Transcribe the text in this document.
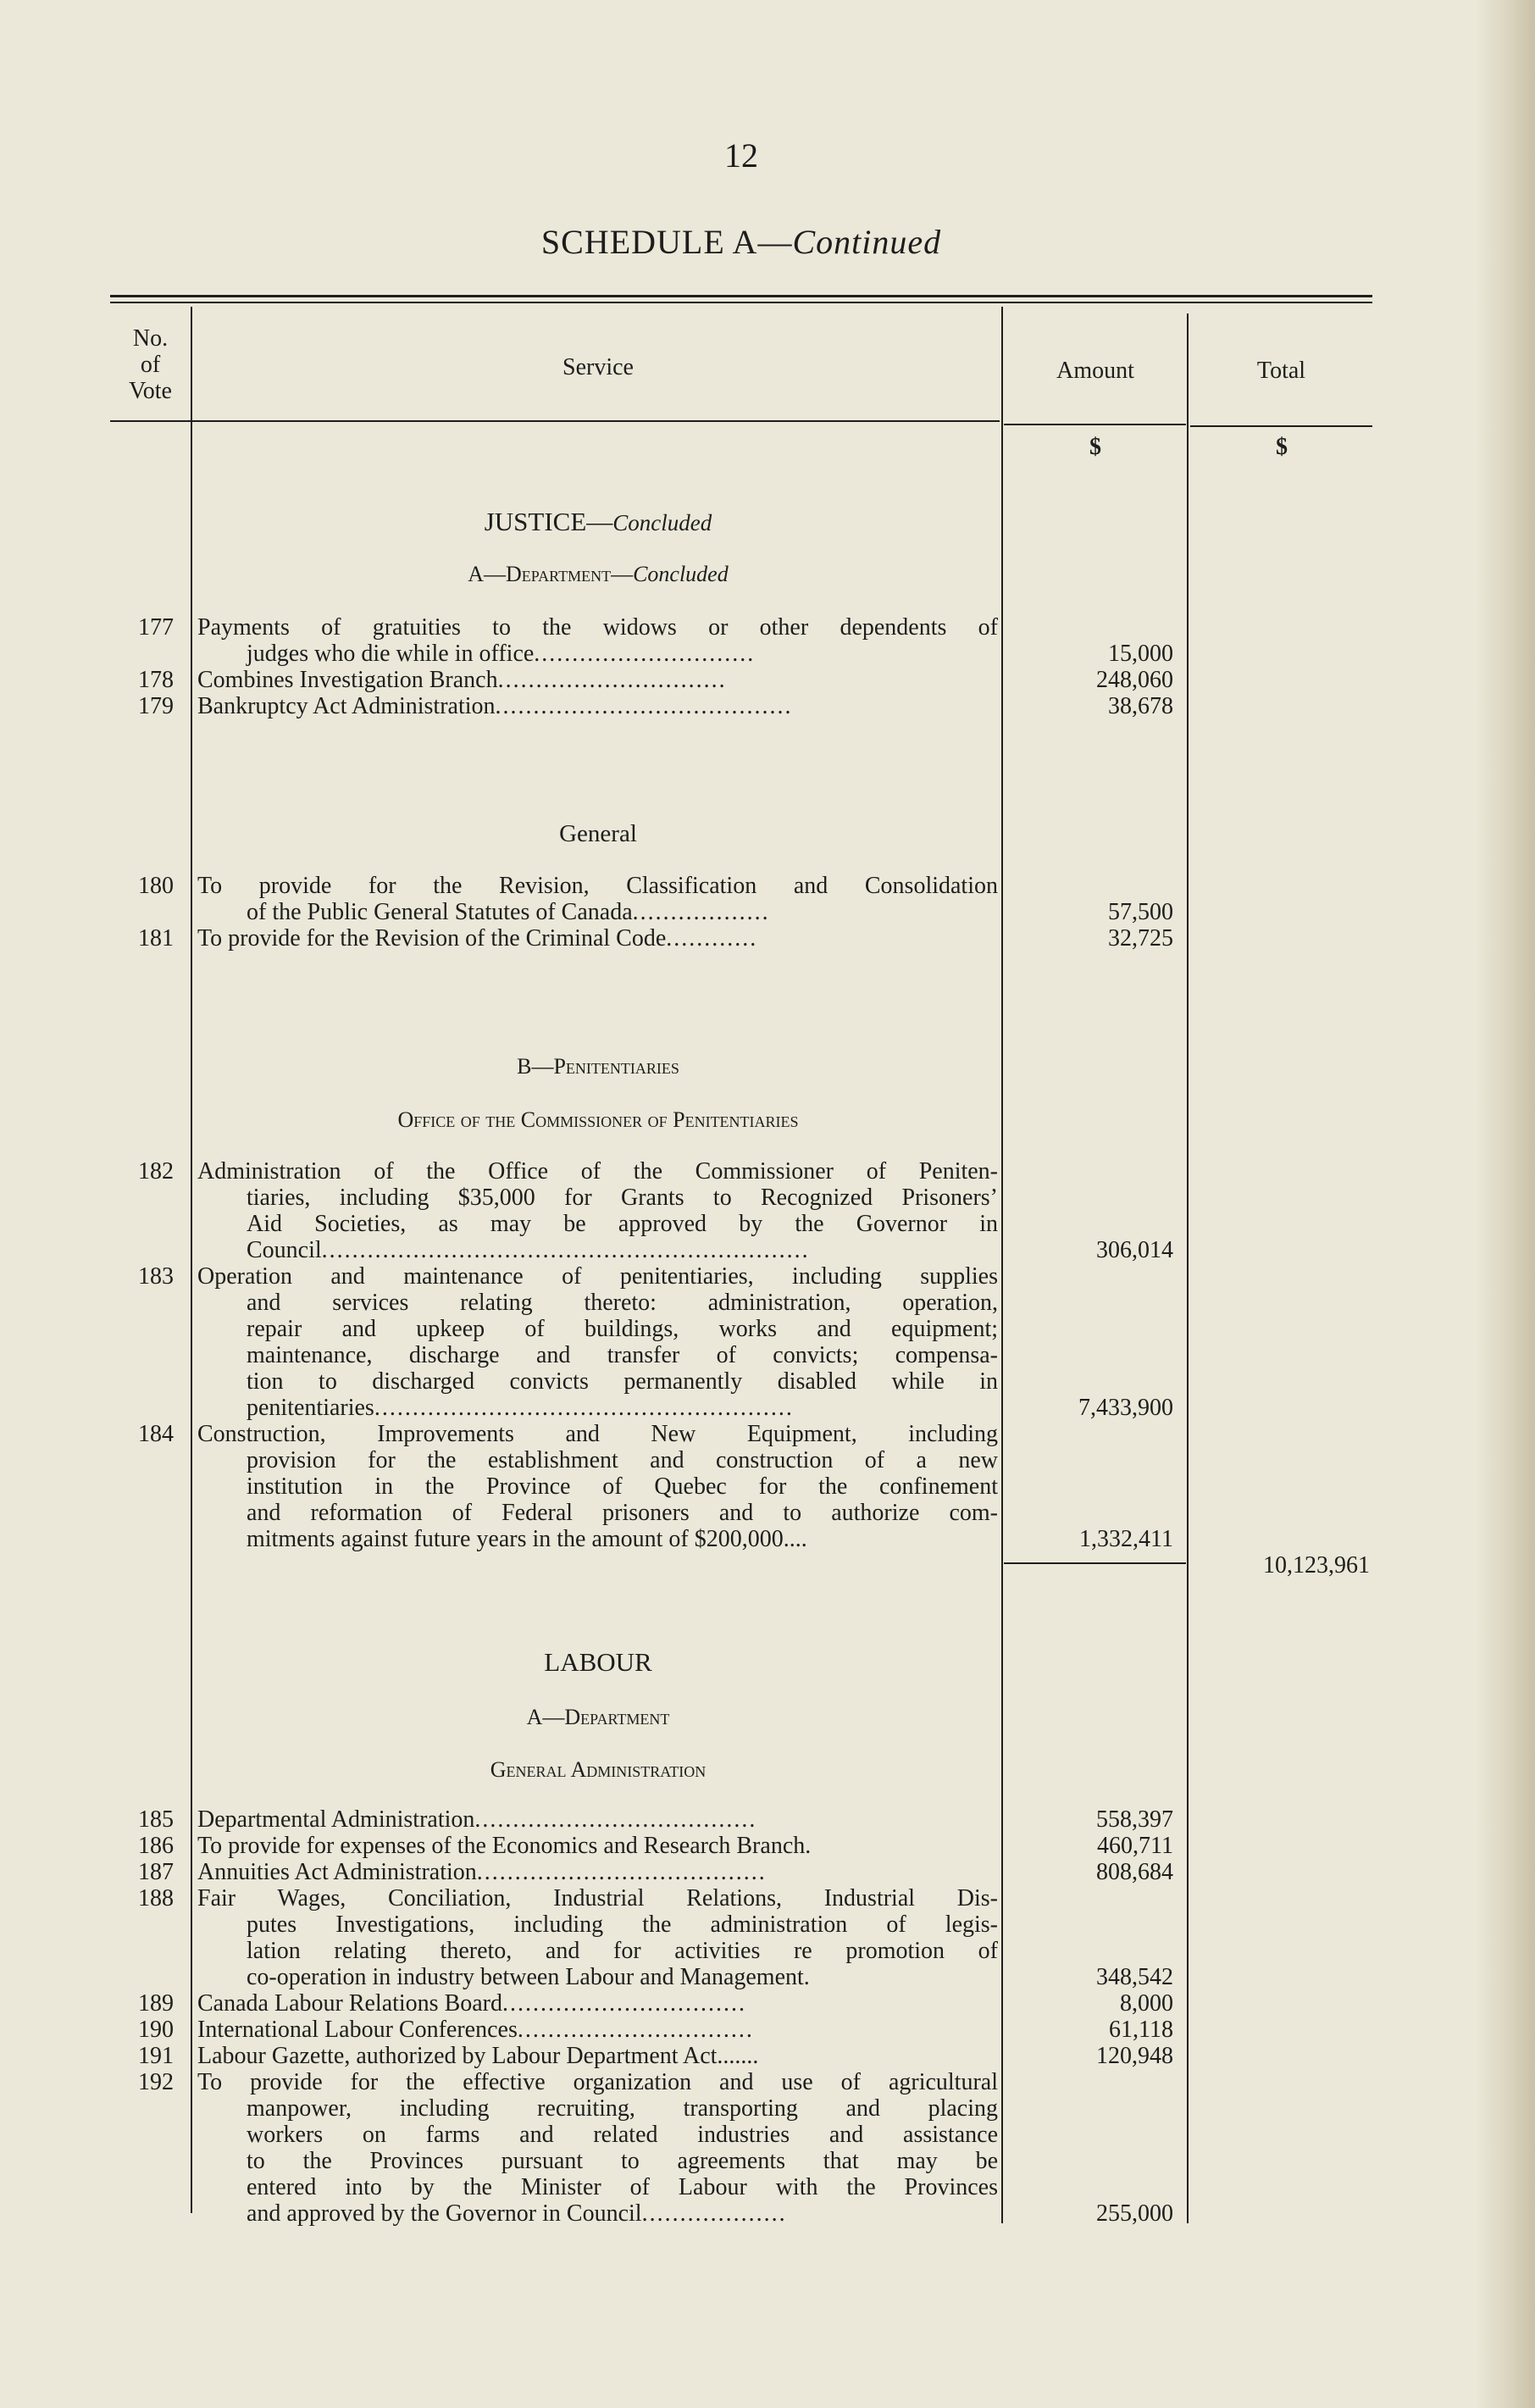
12
SCHEDULE A—Continued
No.
of
Vote
Service	Amount	Total
$	$
JUSTICE—Concluded
A—Department—Concluded
General
B—Penitentiaries
Office of the Commissioner of Penitentiaries
LABOUR
A—Department
General Administration
177 Payments of gratuities to the widows or other dependents of
judges who die while in office.............................	15,000
178 Combines Investigation Branch..............................	248,060
179 Bankruptcy Act Administration.......................................	38,678
180 To provide for the Revision, Classification and Consolidation
of the Public General Statutes of Canada..................	57,500
181 To provide for the Revision of the Criminal Code............	32,725
182 Administration of the Office of the Commissioner of Peniten-
tiaries, including $35,000 for Grants to Recognized Prisoners’
Aid Societies, as may be approved by the Governor in
Council................................................................	306,014
183 Operation and maintenance of penitentiaries, including supplies
and services relating thereto: administration, operation,
repair and upkeep of buildings, works and equipment;
maintenance, discharge and transfer of convicts; compensa-
tion to discharged convicts permanently disabled while in
penitentiaries.......................................................	7,433,900
184 Construction, Improvements and New Equipment, including
provision for the establishment and construction of a new
institution in the Province of Quebec for the confinement
and reformation of Federal prisoners and to authorize com-
mitments against future years in the amount of $200,000....	1,332,411
10,123,961
185 Departmental Administration.....................................	558,397
186 To provide for expenses of the Economics and Research Branch.	460,711
187 Annuities Act Administration......................................	808,684
188 Fair Wages, Conciliation, Industrial Relations, Industrial Dis-
putes Investigations, including the administration of legis-
lation relating thereto, and for activities re promotion of
co-operation in industry between Labour and Management.	348,542
189 Canada Labour Relations Board................................	8,000
190 International Labour Conferences...............................	61,118
191 Labour Gazette, authorized by Labour Department Act.......	120,948
192 To provide for the effective organization and use of agricultural
manpower, including recruiting, transporting and placing
workers on farms and related industries and assistance
to the Provinces pursuant to agreements that may be
entered into by the Minister of Labour with the Provinces
and approved by the Governor in Council...................	255,000
